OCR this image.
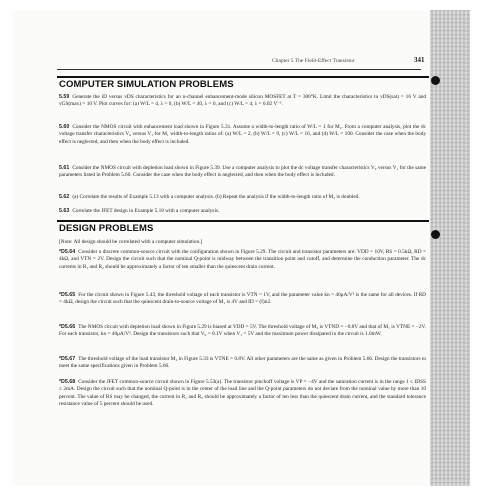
Chapter 5 The Field-Effect Transistor	341
COMPUTER SIMULATION PROBLEMS
5.59 Generate the iD versus vDS characteristics for an n-channel enhancement-mode silicon MOSFET at T = 300°K. Limit the characteristics to vDS(sat) = 16 V and vGS(max) = 10 V. Plot curves for: (a) W/L = 4, λ = 0, (b) W/L = 40, λ = 0, and (c) W/L = 4, λ = 0.02 V⁻¹.
5.60 Consider the NMOS circuit with enhancement load shown in Figure 5.31. Assume a width-to-length ratio of W/L = 1 for M₂. From a computer analysis, plot the dc voltage transfer characteristics V₀ versus V₁ for M₁ width-to-length ratios of: (a) W/L = 2, (b) W/L = 9, (c) W/L = 16, and (d) W/L = 100. Consider the case when the body effect is neglected, and then when the body effect is included.
5.61 Consider the NMOS circuit with depletion load shown in Figure 5.39. Use a computer analysis to plot the dc voltage transfer characteristics V₀ versus V₁ for the same parameters listed in Problem 5.60. Consider the case when the body effect is neglected, and then when the body effect is included.
5.62 (a) Correlate the results of Example 5.13 with a computer analysis. (b) Repeat the analysis if the width-to-length ratio of M₂ is doubled.
5.63 Correlate the JFET design in Example 5.18 with a computer analysis.
DESIGN PROBLEMS
[Note: All design should be correlated with a computer simulation.]
*D5.64 Consider a discrete common-source circuit with the configuration shown in Figure 5.29. The circuit and transistor parameters are: VDD = 10V, RS = 0.5kΩ, RD = 4kΩ, and VTN = 2V. Design the circuit such that the nominal Q-point is midway between the transition point and cutoff, and determine the conduction parameter. The dc currents in R₁ and R₂ should be approximately a factor of ten smaller than the quiescent drain current.
*D5.65 For the circuit shown in Figure 5.43, the threshold voltage of each transistor is VTN = 1V, and the parameter value kn = 40μA/V² is the same for all devices. If RD = 4kΩ, design the circuit such that the quiescent drain-to-source voltage of M₁ is 4V and ID = (I)ᴅ2.
*D5.66 The NMOS circuit with depletion load shown in Figure 5.29 is biased at VDD = 5V. The threshold voltage of M₂ is VTND = −0.8V and that of M₁ is VTNE = −2V. For each transistor, kn = 40μA/V². Design the transistors such that V₀ = 0.1V when V₁ = 5V and the maximum power dissipated in the circuit is 1.0mW.
*D5.67 The threshold voltage of the load transistor M₂ in Figure 5.33 is VTNE = 0.8V. All other parameters are the same as given in Problem 5.66. Design the transistors to meet the same specifications given in Problem 5.66.
*D5.68 Consider the JFET common-source circuit shown in Figure 5.53(a). The transistor pinchoff voltage is VP = −4V and the saturation current is in the range 1 ≤ IDSS ≤ 2mA. Design the circuit such that the nominal Q-point is in the center of the load line and the Q-point parameters do not deviate from the nominal value by more than 10 percent. The value of RS may be changed, the current in R₁ and R₂ should be approximately a factor of ten less than the quiescent drain current, and the standard tolerance resistance value of 5 percent should be used.
